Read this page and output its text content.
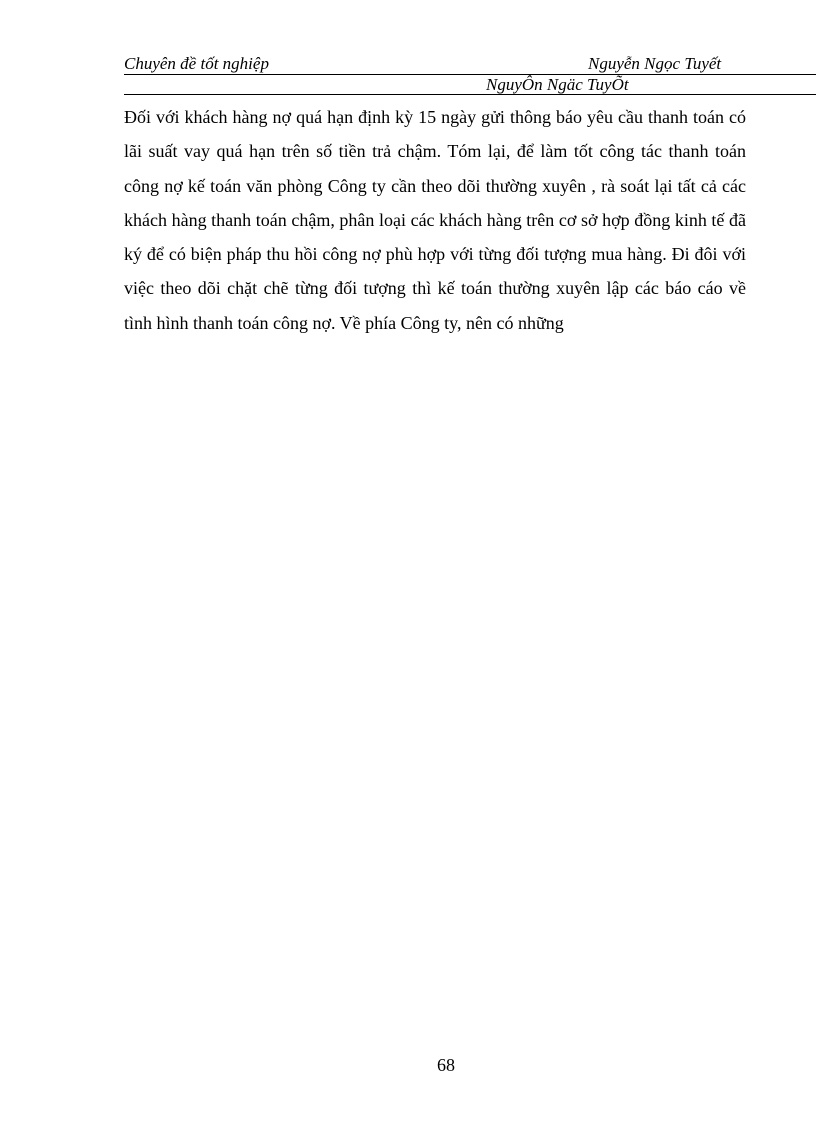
Chuyên đề tốt nghiệp	Nguyễn Ngọc Tuyết
NguyÔn Ngäc TuyÕt

Đối với khách hàng nợ quá hạn định kỳ 15 ngày gửi thông báo yêu cầu thanh toán có lãi suất vay quá hạn trên số tiền trả chậm. Tóm lại, để làm tốt công tác thanh toán công nợ kế toán văn phòng Công ty cần theo dõi thường xuyên , rà soát lại tất cả các khách hàng thanh toán chậm, phân loại các khách hàng trên cơ sở hợp đồng kinh tế đã ký để có biện pháp thu hồi công nợ phù hợp với từng đối tượng mua hàng. Đi đôi với việc theo dõi chặt chẽ từng đối tượng thì kế toán thường xuyên lập các báo cáo về tình hình thanh toán công nợ. Về phía Công ty, nên có những

68
